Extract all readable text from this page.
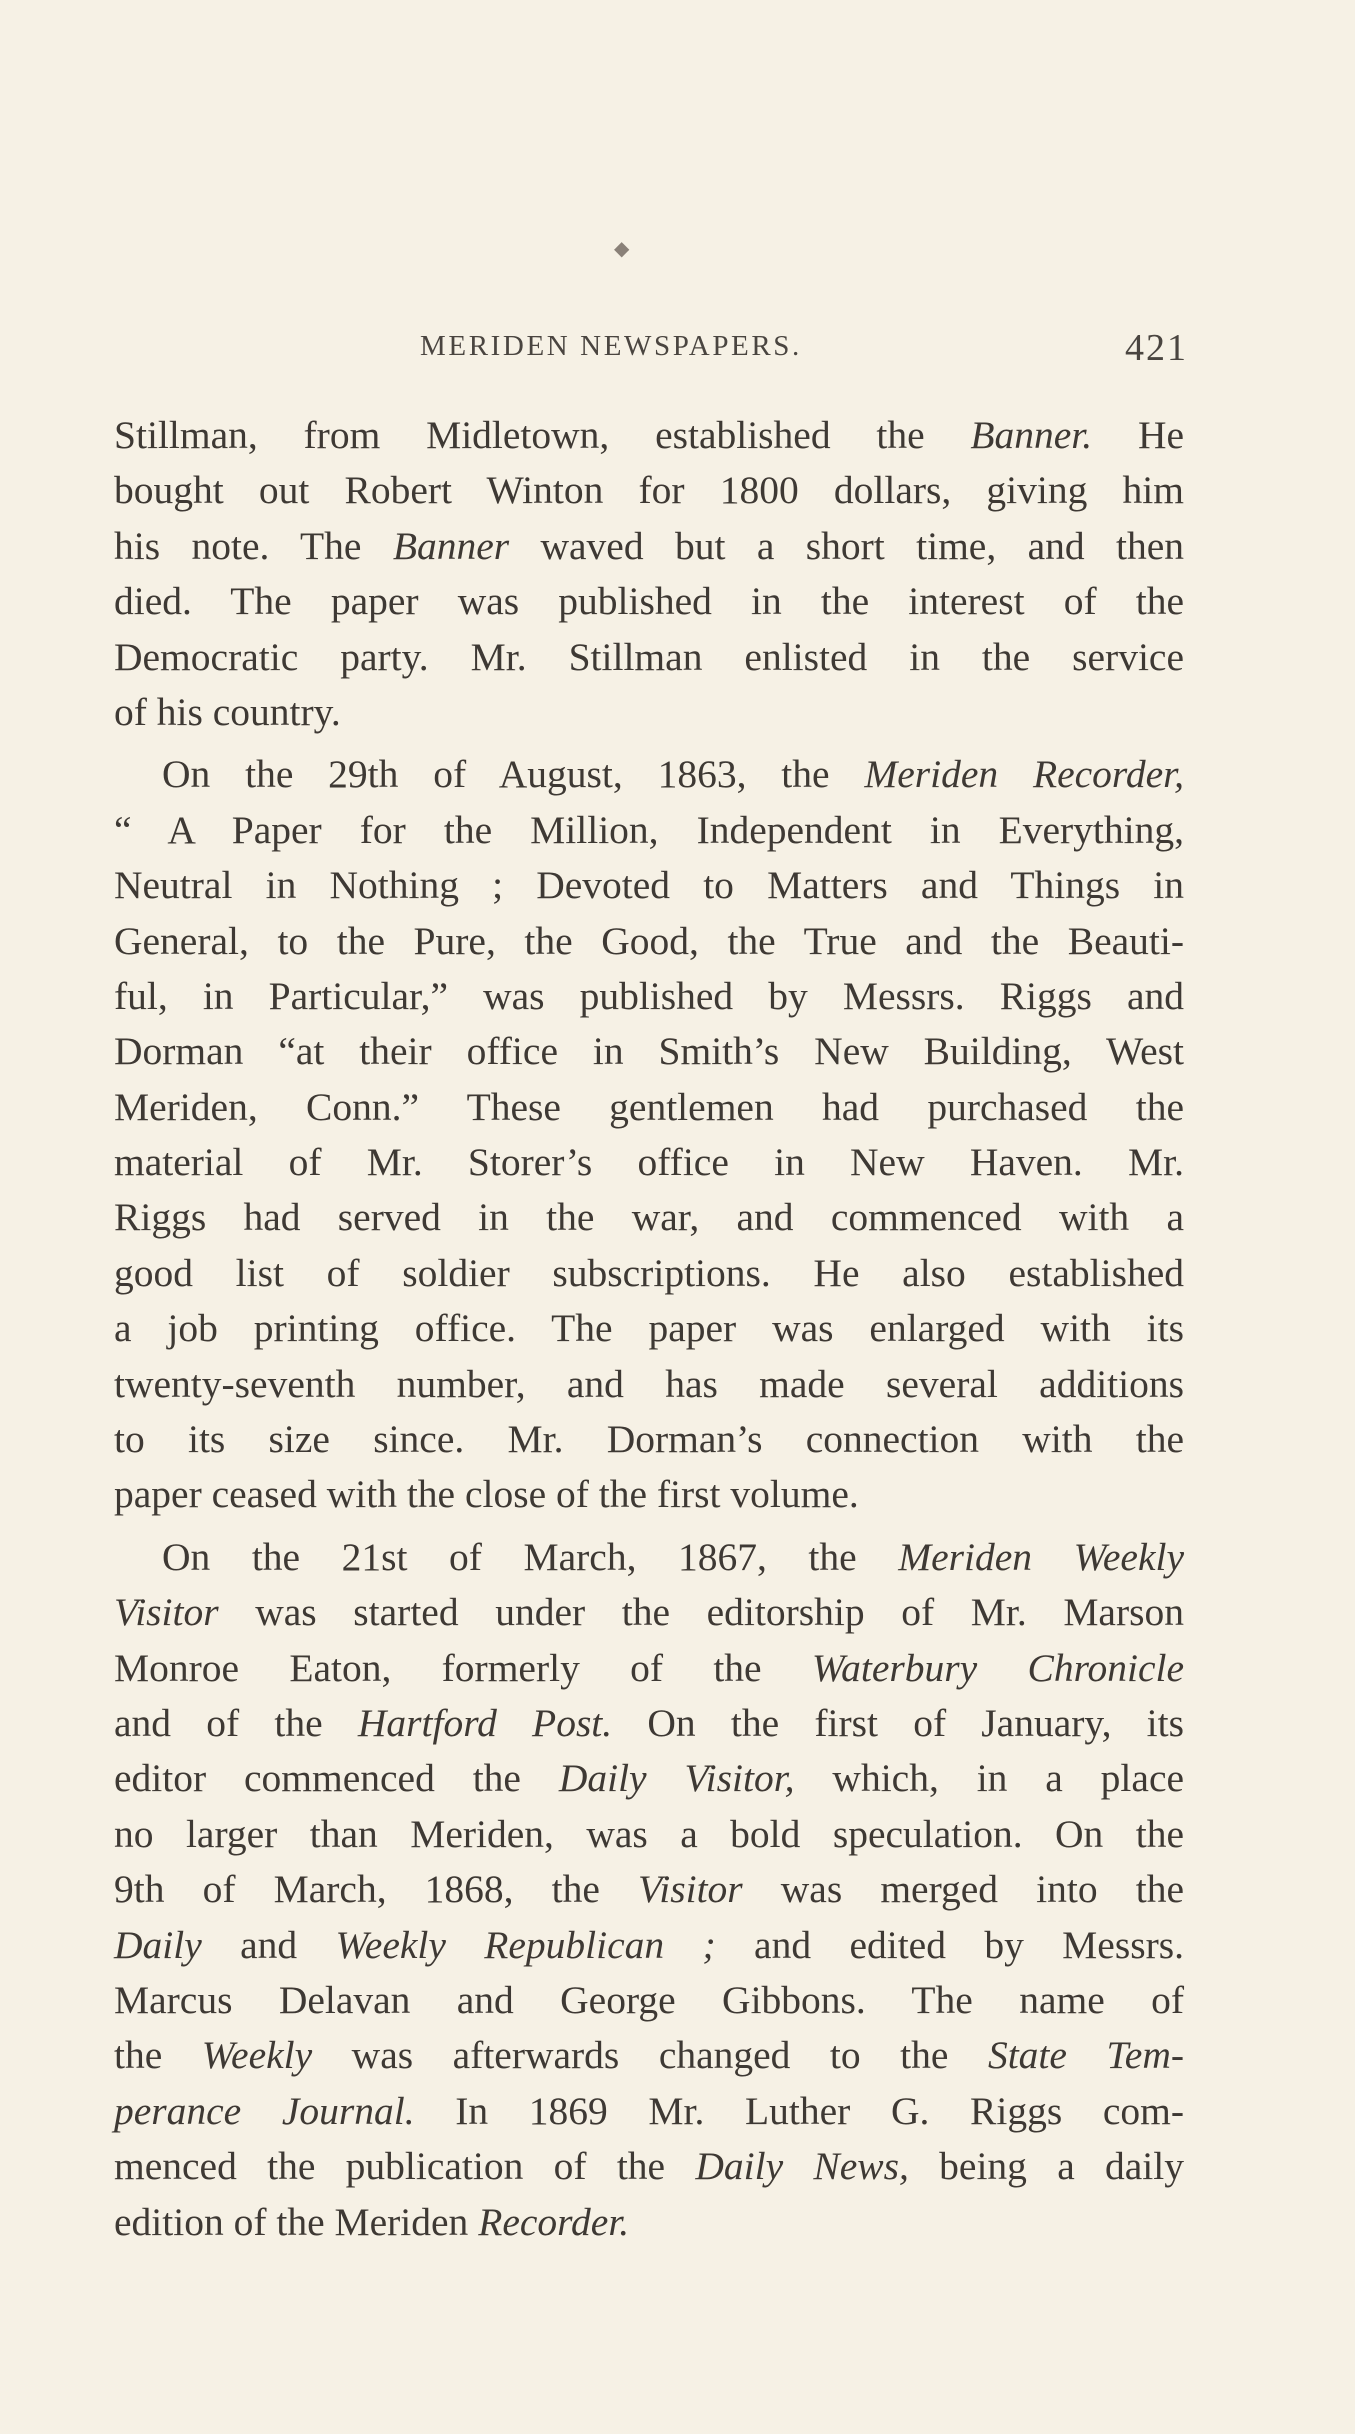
◆
MERIDEN NEWSPAPERS.	421
Stillman, from Midletown, established the Banner. He
bought out Robert Winton for 1800 dollars, giving him
his note. The Banner waved but a short time, and then
died. The paper was published in the interest of the
Democratic party. Mr. Stillman enlisted in the service
of his country.
On the 29th of August, 1863, the Meriden Recorder,
“ A Paper for the Million, Independent in Everything,
Neutral in Nothing ; Devoted to Matters and Things in
General, to the Pure, the Good, the True and the Beauti-
ful, in Particular,” was published by Messrs. Riggs and
Dorman “at their office in Smith’s New Building, West
Meriden, Conn.” These gentlemen had purchased the
material of Mr. Storer’s office in New Haven. Mr.
Riggs had served in the war, and commenced with a
good list of soldier subscriptions. He also established
a job printing office. The paper was enlarged with its
twenty-seventh number, and has made several additions
to its size since. Mr. Dorman’s connection with the
paper ceased with the close of the first volume.
On the 21st of March, 1867, the Meriden Weekly
Visitor was started under the editorship of Mr. Marson
Monroe Eaton, formerly of the Waterbury Chronicle
and of the Hartford Post. On the first of January, its
editor commenced the Daily Visitor, which, in a place
no larger than Meriden, was a bold speculation. On the
9th of March, 1868, the Visitor was merged into the
Daily and Weekly Republican ; and edited by Messrs.
Marcus Delavan and George Gibbons. The name of
the Weekly was afterwards changed to the State Tem-
perance Journal. In 1869 Mr. Luther G. Riggs com-
menced the publication of the Daily News, being a daily
edition of the Meriden Recorder.
